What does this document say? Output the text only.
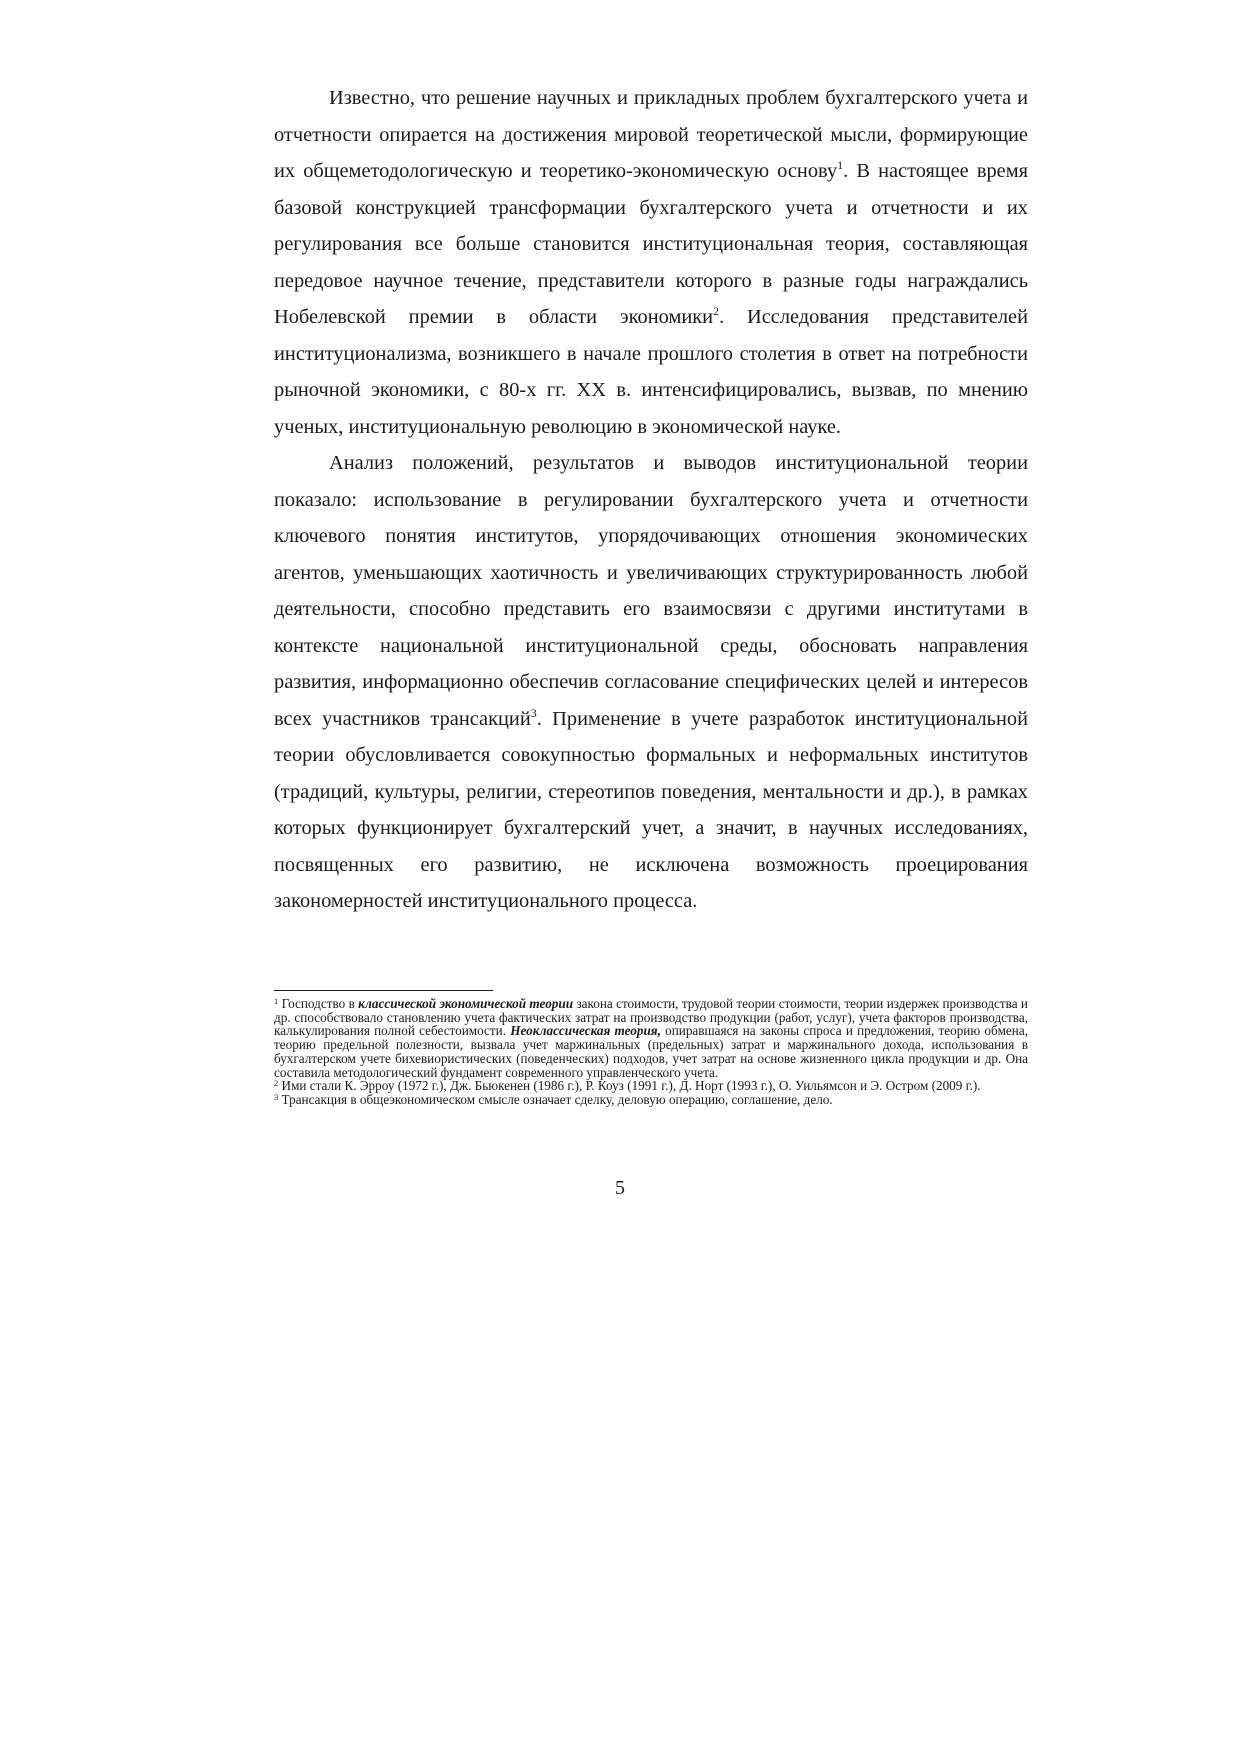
Известно, что решение научных и прикладных проблем бухгалтерского учета и отчетности опирается на достижения мировой теоретической мысли, формирующие их общеметодологическую и теоретико-экономическую основу$^1$. В настоящее время базовой конструкцией трансформации бухгалтерского учета и отчетности и их регулирования все больше становится институциональная теория, составляющая передовое научное течение, представители которого в разные годы награждались Нобелевской премии в области экономики$^2$. Исследования представителей институционализма, возникшего в начале прошлого столетия в ответ на потребности рыночной экономики, с 80-х гг. XX в. интенсифицировались, вызвав, по мнению ученых, институциональную революцию в экономической науке.

Анализ положений, результатов и выводов институциональной теории показало: использование в регулировании бухгалтерского учета и отчетности ключевого понятия институтов, упорядочивающих отношения экономических агентов, уменьшающих хаотичность и увеличивающих структурированность любой деятельности, способно представить его взаимосвязи с другими институтами в контексте национальной институциональной среды, обосновать направления развития, информационно обеспечив согласование специфических целей и интересов всех участников трансакций$^3$. Применение в учете разработок институциональной теории обусловливается совокупностью формальных и неформальных институтов (традиций, культуры, религии, стереотипов поведения, ментальности и др.), в рамках которых функционирует бухгалтерский учет, а значит, в научных исследованиях, посвященных его развитию, не исключена возможность проецирования закономерностей институционального процесса.

$^1$ Господство в классической экономической теории закона стоимости, трудовой теории стоимости, теории издержек производства и др. способствовало становлению учета фактических затрат на производство продукции (работ, услуг), учета факторов производства, калькулирования полной себестоимости. Неоклассическая теория, опиравшаяся на законы спроса и предложения, теорию обмена, теорию предельной полезности, вызвала учет маржинальных (предельных) затрат и маржинального дохода, использования в бухгалтерском учете бихевиористических (поведенческих) подходов, учет затрат на основе жизненного цикла продукции и др. Она составила методологический фундамент современного управленческого учета.

$^2$ Ими стали К. Эрроу (1972 г.), Дж. Бьюкенен (1986 г.), Р. Коуз (1991 г.), Д. Норт (1993 г.), О. Уильямсон и Э. Остром (2009 г.).

$^3$ Трансакция в общеэкономическом смысле означает сделку, деловую операцию, соглашение, дело.

5
